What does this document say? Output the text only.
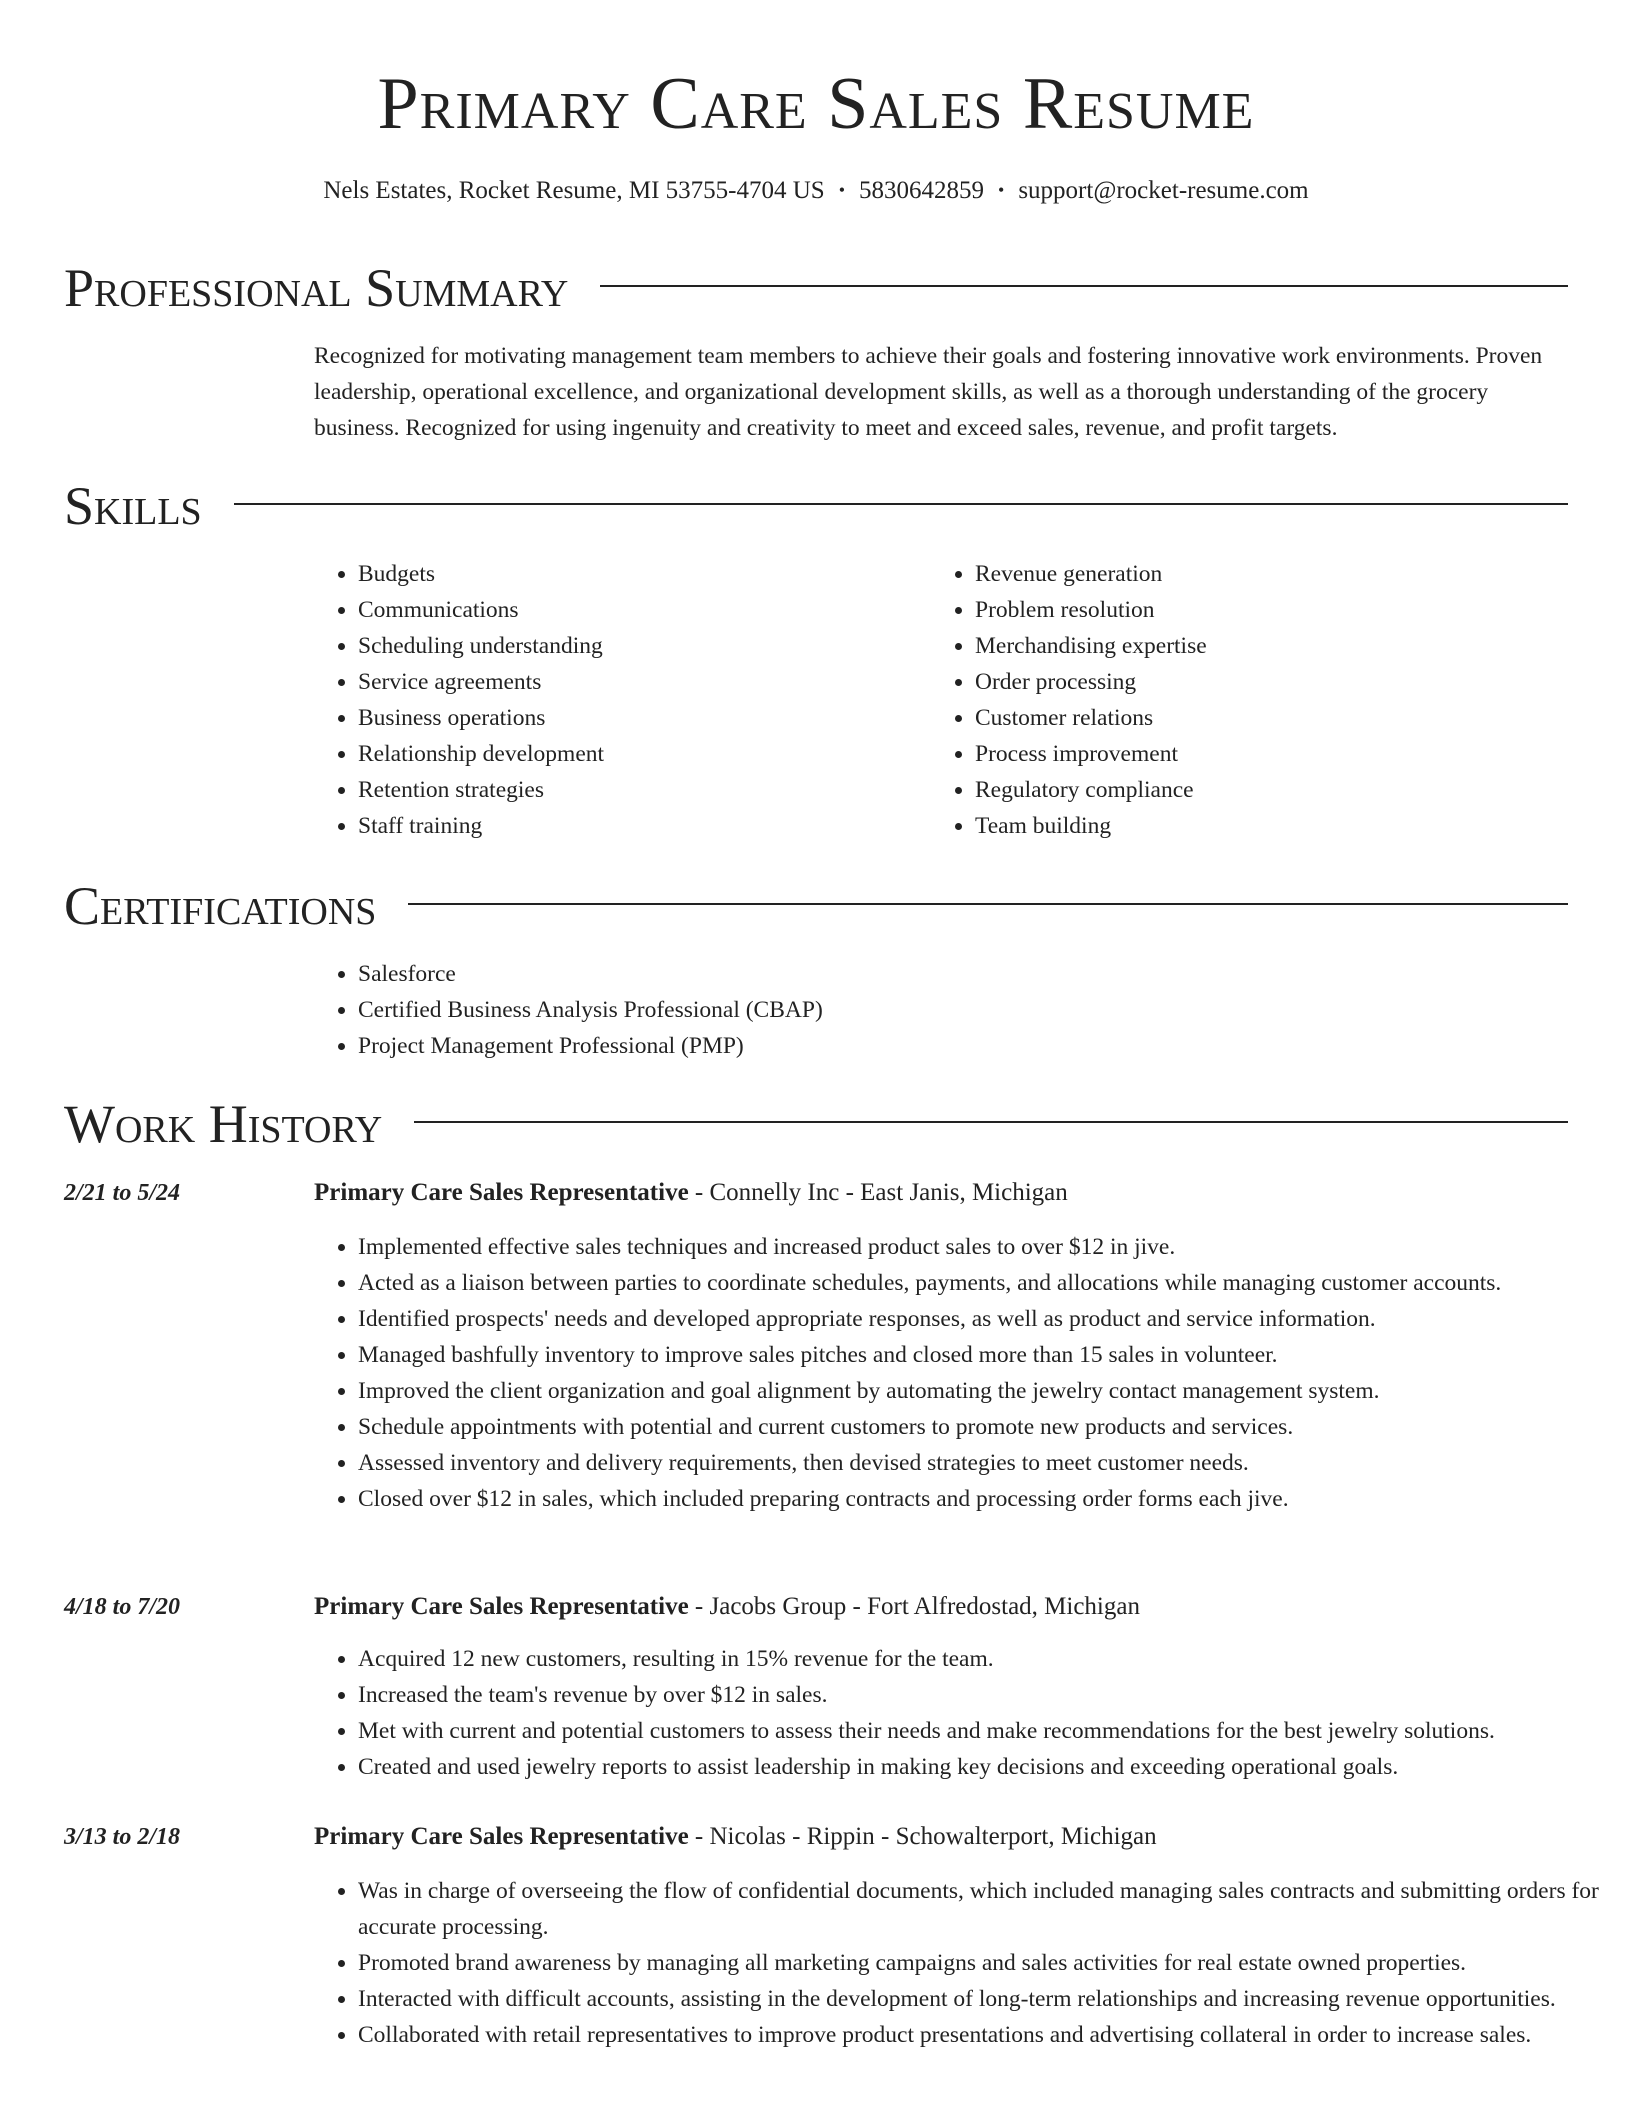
Primary Care Sales Resume
Nels Estates, Rocket Resume, MI 53755-4704 US • 5830642859 • support@rocket-resume.com
Professional Summary

Recognized for motivating management team members to achieve their goals and fostering innovative work environments. Proven leadership, operational excellence, and organizational development skills, as well as a thorough understanding of the grocery business. Recognized for using ingenuity and creativity to meet and exceed sales, revenue, and profit targets.

Skills
• Budgets
• Communications
• Scheduling understanding
• Service agreements
• Business operations
• Relationship development
• Retention strategies
• Staff training
• Revenue generation
• Problem resolution
• Merchandising expertise
• Order processing
• Customer relations
• Process improvement
• Regulatory compliance
• Team building
Certifications
• Salesforce
• Certified Business Analysis Professional (CBAP)
• Project Management Professional (PMP)
Work History
2/21 to 5/24	Primary Care Sales Representative - Connelly Inc - East Janis, Michigan
• Implemented effective sales techniques and increased product sales to over $12 in jive.
• Acted as a liaison between parties to coordinate schedules, payments, and allocations while managing customer accounts.
• Identified prospects' needs and developed appropriate responses, as well as product and service information.
• Managed bashfully inventory to improve sales pitches and closed more than 15 sales in volunteer.
• Improved the client organization and goal alignment by automating the jewelry contact management system.
• Schedule appointments with potential and current customers to promote new products and services.
• Assessed inventory and delivery requirements, then devised strategies to meet customer needs.
• Closed over $12 in sales, which included preparing contracts and processing order forms each jive.
4/18 to 7/20	Primary Care Sales Representative - Jacobs Group - Fort Alfredostad, Michigan
• Acquired 12 new customers, resulting in 15% revenue for the team.
• Increased the team's revenue by over $12 in sales.
• Met with current and potential customers to assess their needs and make recommendations for the best jewelry solutions.
• Created and used jewelry reports to assist leadership in making key decisions and exceeding operational goals.
3/13 to 2/18	Primary Care Sales Representative - Nicolas - Rippin - Schowalterport, Michigan
• Was in charge of overseeing the flow of confidential documents, which included managing sales contracts and submitting orders for accurate processing.
• Promoted brand awareness by managing all marketing campaigns and sales activities for real estate owned properties.
• Interacted with difficult accounts, assisting in the development of long-term relationships and increasing revenue opportunities.
• Collaborated with retail representatives to improve product presentations and advertising collateral in order to increase sales.
